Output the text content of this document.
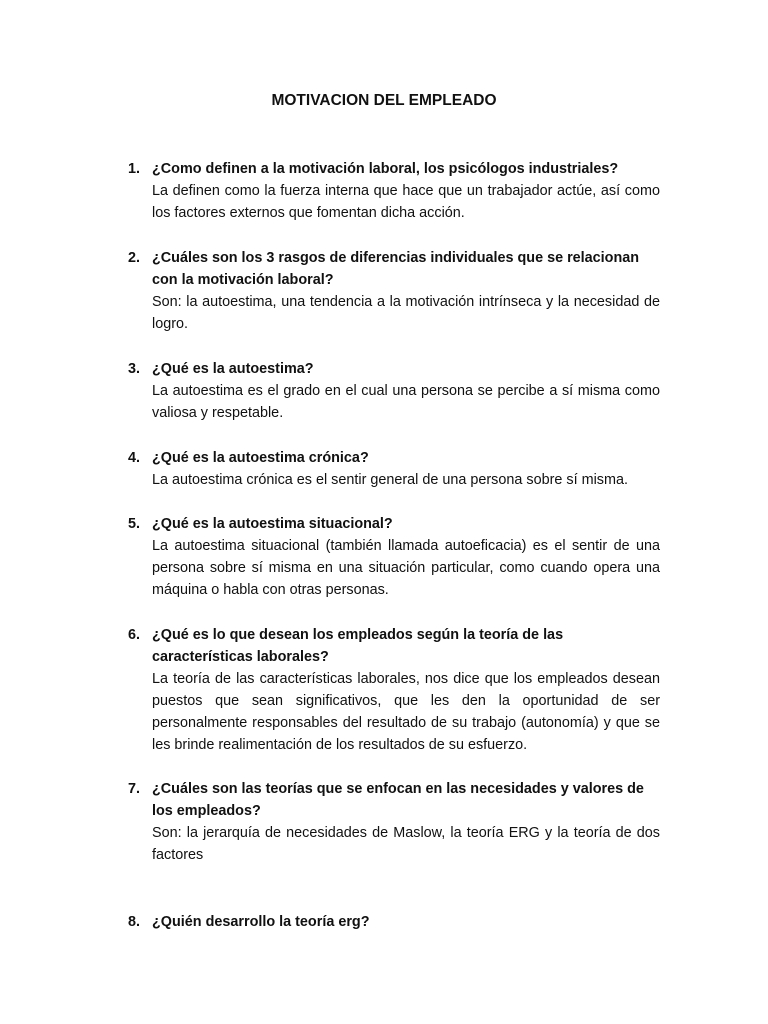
MOTIVACION DEL EMPLEADO
1. ¿Como definen a la motivación laboral, los psicólogos industriales?
La definen como la fuerza interna que hace que un trabajador actúe, así como los factores externos que fomentan dicha acción.
2. ¿Cuáles son los 3 rasgos de diferencias individuales que se relacionan con la motivación laboral?
Son: la autoestima, una tendencia a la motivación intrínseca y la necesidad de logro.
3. ¿Qué es la autoestima?
La autoestima es el grado en el cual una persona se percibe a sí misma como valiosa y respetable.
4. ¿Qué es la autoestima crónica?
La autoestima crónica es el sentir general de una persona sobre sí misma.
5. ¿Qué es la autoestima situacional?
La autoestima situacional (también llamada autoeficacia) es el sentir de una persona sobre sí misma en una situación particular, como cuando opera una máquina o habla con otras personas.
6. ¿Qué es lo que desean los empleados según la teoría de las características laborales?
La teoría de las características laborales, nos dice que los empleados desean puestos que sean significativos, que les den la oportunidad de ser personalmente responsables del resultado de su trabajo (autonomía) y que se les brinde realimentación de los resultados de su esfuerzo.
7. ¿Cuáles son las teorías que se enfocan en las necesidades y valores de los empleados?
Son: la jerarquía de necesidades de Maslow, la teoría ERG y la teoría de dos factores
8. ¿Quién desarrollo la teoría erg?
